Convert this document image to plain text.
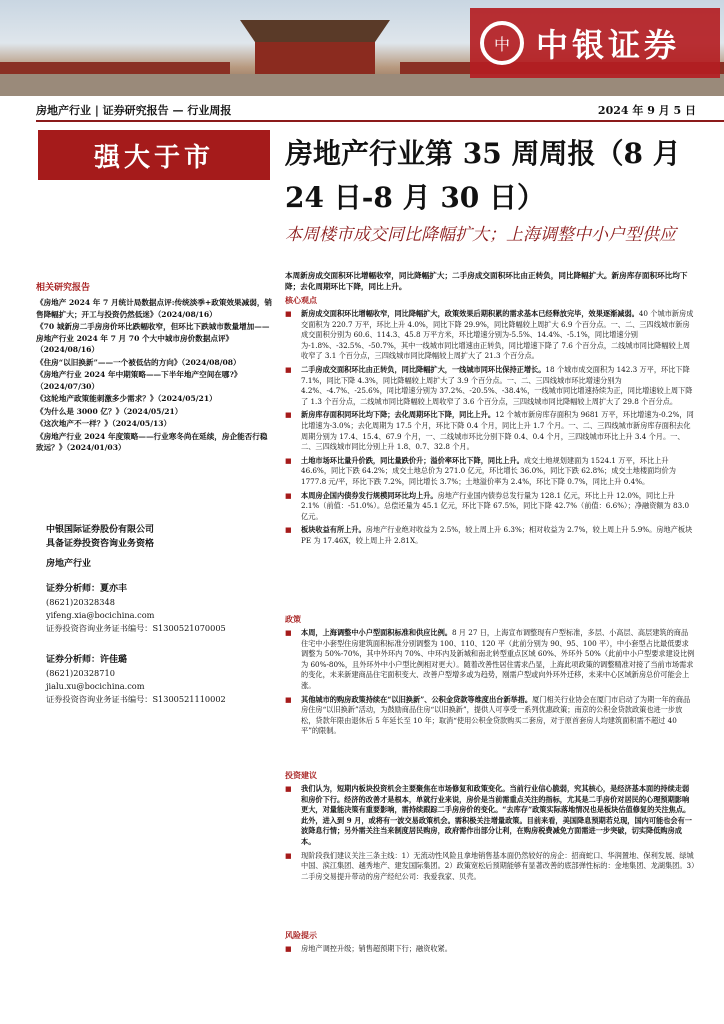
中 中银证券
房地产行业 | 证券研究报告 — 行业周报	2024 年 9 月 5 日
强大于市	房地产行业第 35 周周报（8 月 24 日-8 月 30 日）
本周楼市成交同比降幅扩大；上海调整中小户型供应
本周新房成交面积环比增幅收窄，同比降幅扩大；二手房成交面积环比由正转负，同比降幅扩大。新房库存面积环比均下降；去化周期环比下降，同比上升。
核心观点
■	新房成交面积环比增幅收窄，同比降幅扩大，政策效果后期积累的需求基本已经释放完毕，效果逐渐减弱。40 个城市新房成交面积为 220.7 万平，环比上升 4.0%，同比下降 29.9%，同比降幅较上周扩大 6.9 个百分点。一、二、三四线城市新房成交面积分别为 60.6、114.3、45.8 万平方米，环比增速分别为-5.5%、14.4%、-5.1%，同比增速分别为-1.8%、-32.5%、-50.7%，其中一线城市同比增速由正转负，同比增速下降了 7.6 个百分点，二线城市同比降幅较上周收窄了 3.1 个百分点，三四线城市同比降幅较上周扩大了 21.3 个百分点。
■	二手房成交面积环比由正转负，同比降幅扩大，一线城市同环比保持正增长。18 个城市成交面积为 142.3 万平，环比下降 7.1%，同比下降 4.3%，同比降幅较上周扩大了 3.9 个百分点。一、二、三四线城市环比增速分别为 4.2%、-4.7%、-25.6%，同比增速分别为 37.2%、-20.5%、-38.4%，一线城市同比增速持续为正，同比增速较上周下降了 1.3 个百分点，二线城市同比降幅较上周收窄了 3.6 个百分点，三四线城市同比降幅较上周扩大了 29.8 个百分点。
■	新房库存面积同环比均下降；去化周期环比下降，同比上升。12 个城市新房库存面积为 9681 万平，环比增速为-0.2%，同比增速为-3.0%；去化周期为 17.5 个月，环比下降 0.4 个月，同比上升 1.7 个月。一、二、三四线城市新房库存面积去化周期分别为 17.4、15.4、67.9 个月，一、二线城市环比分别下降 0.4、0.4 个月，三四线城市环比上升 3.4 个月。一、二、三四线城市同比分别上升 1.8、0.7、32.8 个月。
■	土地市场环比量升价跌，同比量跌价升；溢价率环比下降，同比上升。成交土地规划建面为 1524.1 万平，环比上升 46.6%，同比下跌 64.2%；成交土地总价为 271.0 亿元，环比增长 36.0%，同比下跌 62.8%；成交土地楼面均价为 1777.8 元/平，环比下跌 7.2%，同比增长 3.7%；土地溢价率为 2.4%，环比下降 0.7%，同比上升 0.4%。
■	本周房企国内债券发行规模同环比均上升。房地产行业国内债券总发行量为 128.1 亿元，环比上升 12.0%，同比上升 2.1%（前值：-51.0%）。总偿还量为 45.1 亿元，环比下降 67.5%，同比下降 42.7%（前值：6.6%）；净融资额为 83.0 亿元。
■	板块收益有所上升。房地产行业绝对收益为 2.5%，较上周上升 6.3%；相对收益为 2.7%，较上周上升 5.9%。房地产板块 PE 为 17.46X，较上周上升 2.81X。
政策
■	本周，上海调整中小户型面积标准和供应比例。8 月 27 日，上海宣布调整现有户型标准，多层、小高层、高层建筑的商品住宅中小套型住房建筑面积标准分别调整为 100、110、120 平（此前分别为 90、95、100 平），中小套型占比最低要求调整为 50%-70%，其中外环内 70%、中环内及新城和南北转型重点区域 60%、外环外 50%（此前中小户型要求建设比例为 60%-80%，且外环外中小户型比例相对更大）。随着改善性居住需求凸显，上海此项政策的调整精准对接了当前市场需求的变化，未来新建商品住宅面积变大、改善户型增多或为趋势，刚需户型或向外环外迁移，未来中心区域新房总价可能会上涨。
■	其他城市的购房政策持续在“以旧换新”、公积金贷款等维度出台新举措。厦门相关行业协会在厦门市启动了为期一年的商品房住房“以旧换新”活动，为鼓励商品住房“以旧换新”，提供人可享受一系列优惠政策；南京的公积金贷款政策也进一步放松，贷款年限由退休后 5 年延长至 10 年；取消“使用公积金贷款购买二套房，对于原首套房人均建筑面积需不超过 40 平”的限制。
投资建议
■	我们认为，短期内板块投资机会主要聚焦在市场修复和政策变化。当前行业信心脆弱，究其核心，是经济基本面的持续走弱和房价下行。经济的改善才是根本，单就行业来说，房价是当前需重点关注的指标，尤其是二手房价对居民的心理预期影响更大，对量能决策有重要影响，需持续跟踪二手房房价的变化。“去库存”政策实际落地情况也是板块估值修复的关注焦点。此外，进入到 9 月，或将有一波交易政策机会。需积极关注增量政策。目前来看，美国降息预期若兑现，国内可能也会有一波降息行情；另外需关注当来制度居民购房，政府需作出部分让利，在购房税费减免方面需进一步突破，切实降低购房成本。
■	现阶段我们建议关注三条主线：1）无流动性风险且拿地销售基本面仍然较好的房企：招商蛇口、华润置地、保利发展、绿城中国、滨江集团、越秀地产、建发国际集团。2）政策宽松后预期能够有显著改善的底部弹性标的：金地集团、龙湖集团。3）二手房交易提升带动的房产经纪公司：我爱我家、贝壳。
风险提示
■	房地产调控升级；销售超预期下行；融资收紧。
相关研究报告
《房地产 2024 年 7 月统计局数据点评:传统淡季+政策效果减弱，销售降幅扩大；开工与投资仍然低迷》（2024/08/16）
《70 城新房二手房房价环比跌幅收窄，但环比下跌城市数量增加——房地产行业 2024 年 7 月 70 个大中城市房价数据点评》（2024/08/16）
《住房“以旧换新”——一个被低估的方向》（2024/08/08）
《房地产行业 2024 年中期策略——下半年地产空间在哪?》（2024/07/30）
《这轮地产政策能刺激多少需求？》（2024/05/21）
《为什么是 3000 亿？》（2024/05/21）
《这次地产不一样？》（2024/05/13）
《房地产行业 2024 年度策略——行业寒冬尚在延续，房企能否行稳致远？》（2024/01/03）
中银国际证券股份有限公司
具备证券投资咨询业务资格
房地产行业
证券分析师：夏亦丰
(8621)20328348
yifeng.xia@bocichina.com
证券投资咨询业务证书编号：S1300521070005
证券分析师：许佳璐
(8621)20328710
jialu.xu@bocichina.com
证券投资咨询业务证书编号：S1300521110002
